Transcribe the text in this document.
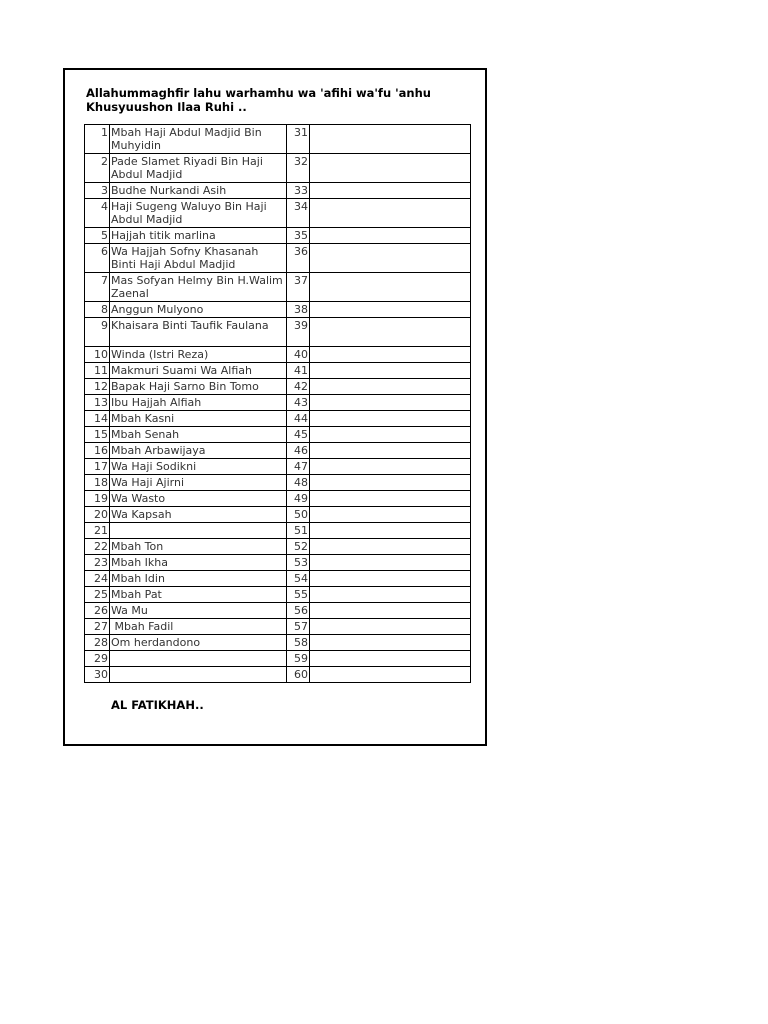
Allahummaghfir lahu warhamhu wa 'afihi wa'fu 'anhu
Khusyuushon Ilaa Ruhi ..
1	Mbah Haji Abdul Madjid Bin
Muhyidin	31	
2	Pade Slamet Riyadi Bin Haji
Abdul Madjid	32	
3	Budhe Nurkandi Asih	33	
4	Haji Sugeng Waluyo Bin Haji
Abdul Madjid	34	
5	Hajjah titik marlina	35	
6	Wa Hajjah Sofny Khasanah
Binti Haji Abdul Madjid	36	
7	Mas Sofyan Helmy Bin H.Walim
Zaenal	37	
8	Anggun Mulyono	38	
9	Khaisara Binti Taufik Faulana	39	
10	Winda (Istri Reza)	40	
11	Makmuri Suami Wa Alfiah	41	
12	Bapak Haji Sarno Bin Tomo	42	
13	Ibu Hajjah Alfiah	43	
14	Mbah Kasni	44	
15	Mbah Senah	45	
16	Mbah Arbawijaya	46	
17	Wa Haji Sodikni	47	
18	Wa Haji Ajirni	48	
19	Wa Wasto	49	
20	Wa Kapsah	50	
21		51	
22	Mbah Ton	52	
23	Mbah Ikha	53	
24	Mbah Idin	54	
25	Mbah Pat	55	
26	Wa Mu	56	
27	Mbah Fadil	57	
28	Om herdandono	58	
29		59	
30		60	
AL FATIKHAH..
